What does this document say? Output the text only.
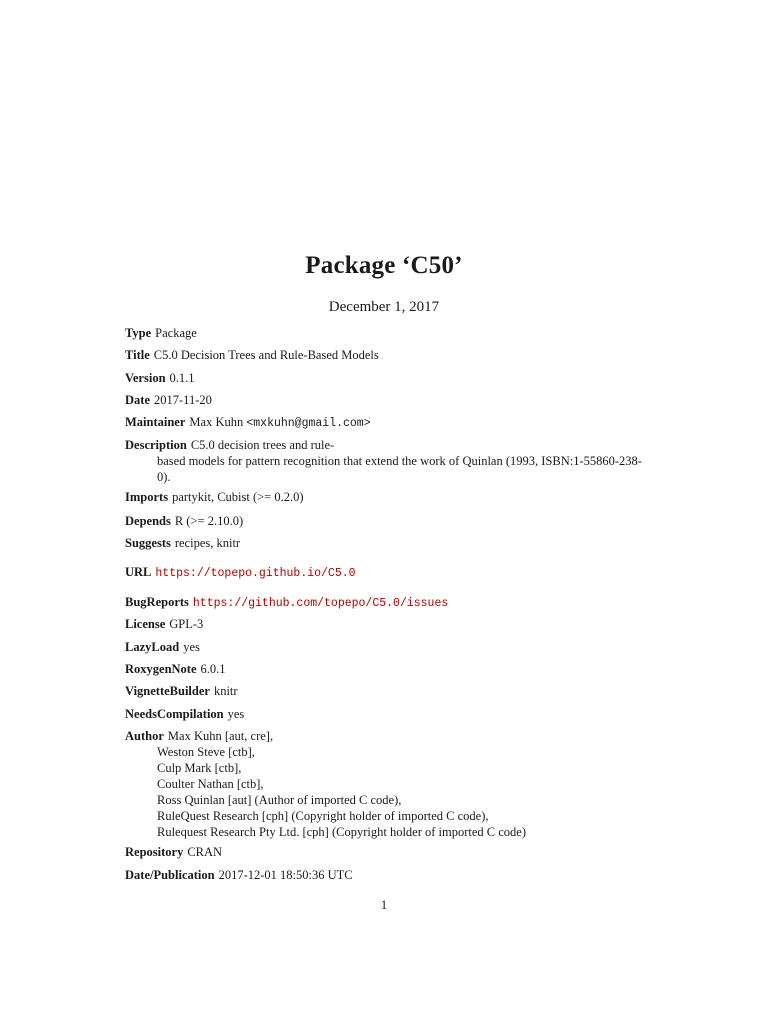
Package ‘C50’
December 1, 2017
Type Package
Title C5.0 Decision Trees and Rule-Based Models
Version 0.1.1
Date 2017-11-20
Maintainer Max Kuhn <mxkuhn@gmail.com>
Description C5.0 decision trees and rule-
based models for pattern recognition that extend the work of Quinlan (1993, ISBN:1-55860-238-
0).
Imports partykit, Cubist (>= 0.2.0)
Depends R (>= 2.10.0)
Suggests recipes, knitr
URL https://topepo.github.io/C5.0
BugReports https://github.com/topepo/C5.0/issues
License GPL-3
LazyLoad yes
RoxygenNote 6.0.1
VignetteBuilder knitr
NeedsCompilation yes
Author Max Kuhn [aut, cre],
Weston Steve [ctb],
Culp Mark [ctb],
Coulter Nathan [ctb],
Ross Quinlan [aut] (Author of imported C code),
RuleQuest Research [cph] (Copyright holder of imported C code),
Rulequest Research Pty Ltd. [cph] (Copyright holder of imported C code)
Repository CRAN
Date/Publication 2017-12-01 18:50:36 UTC
1
